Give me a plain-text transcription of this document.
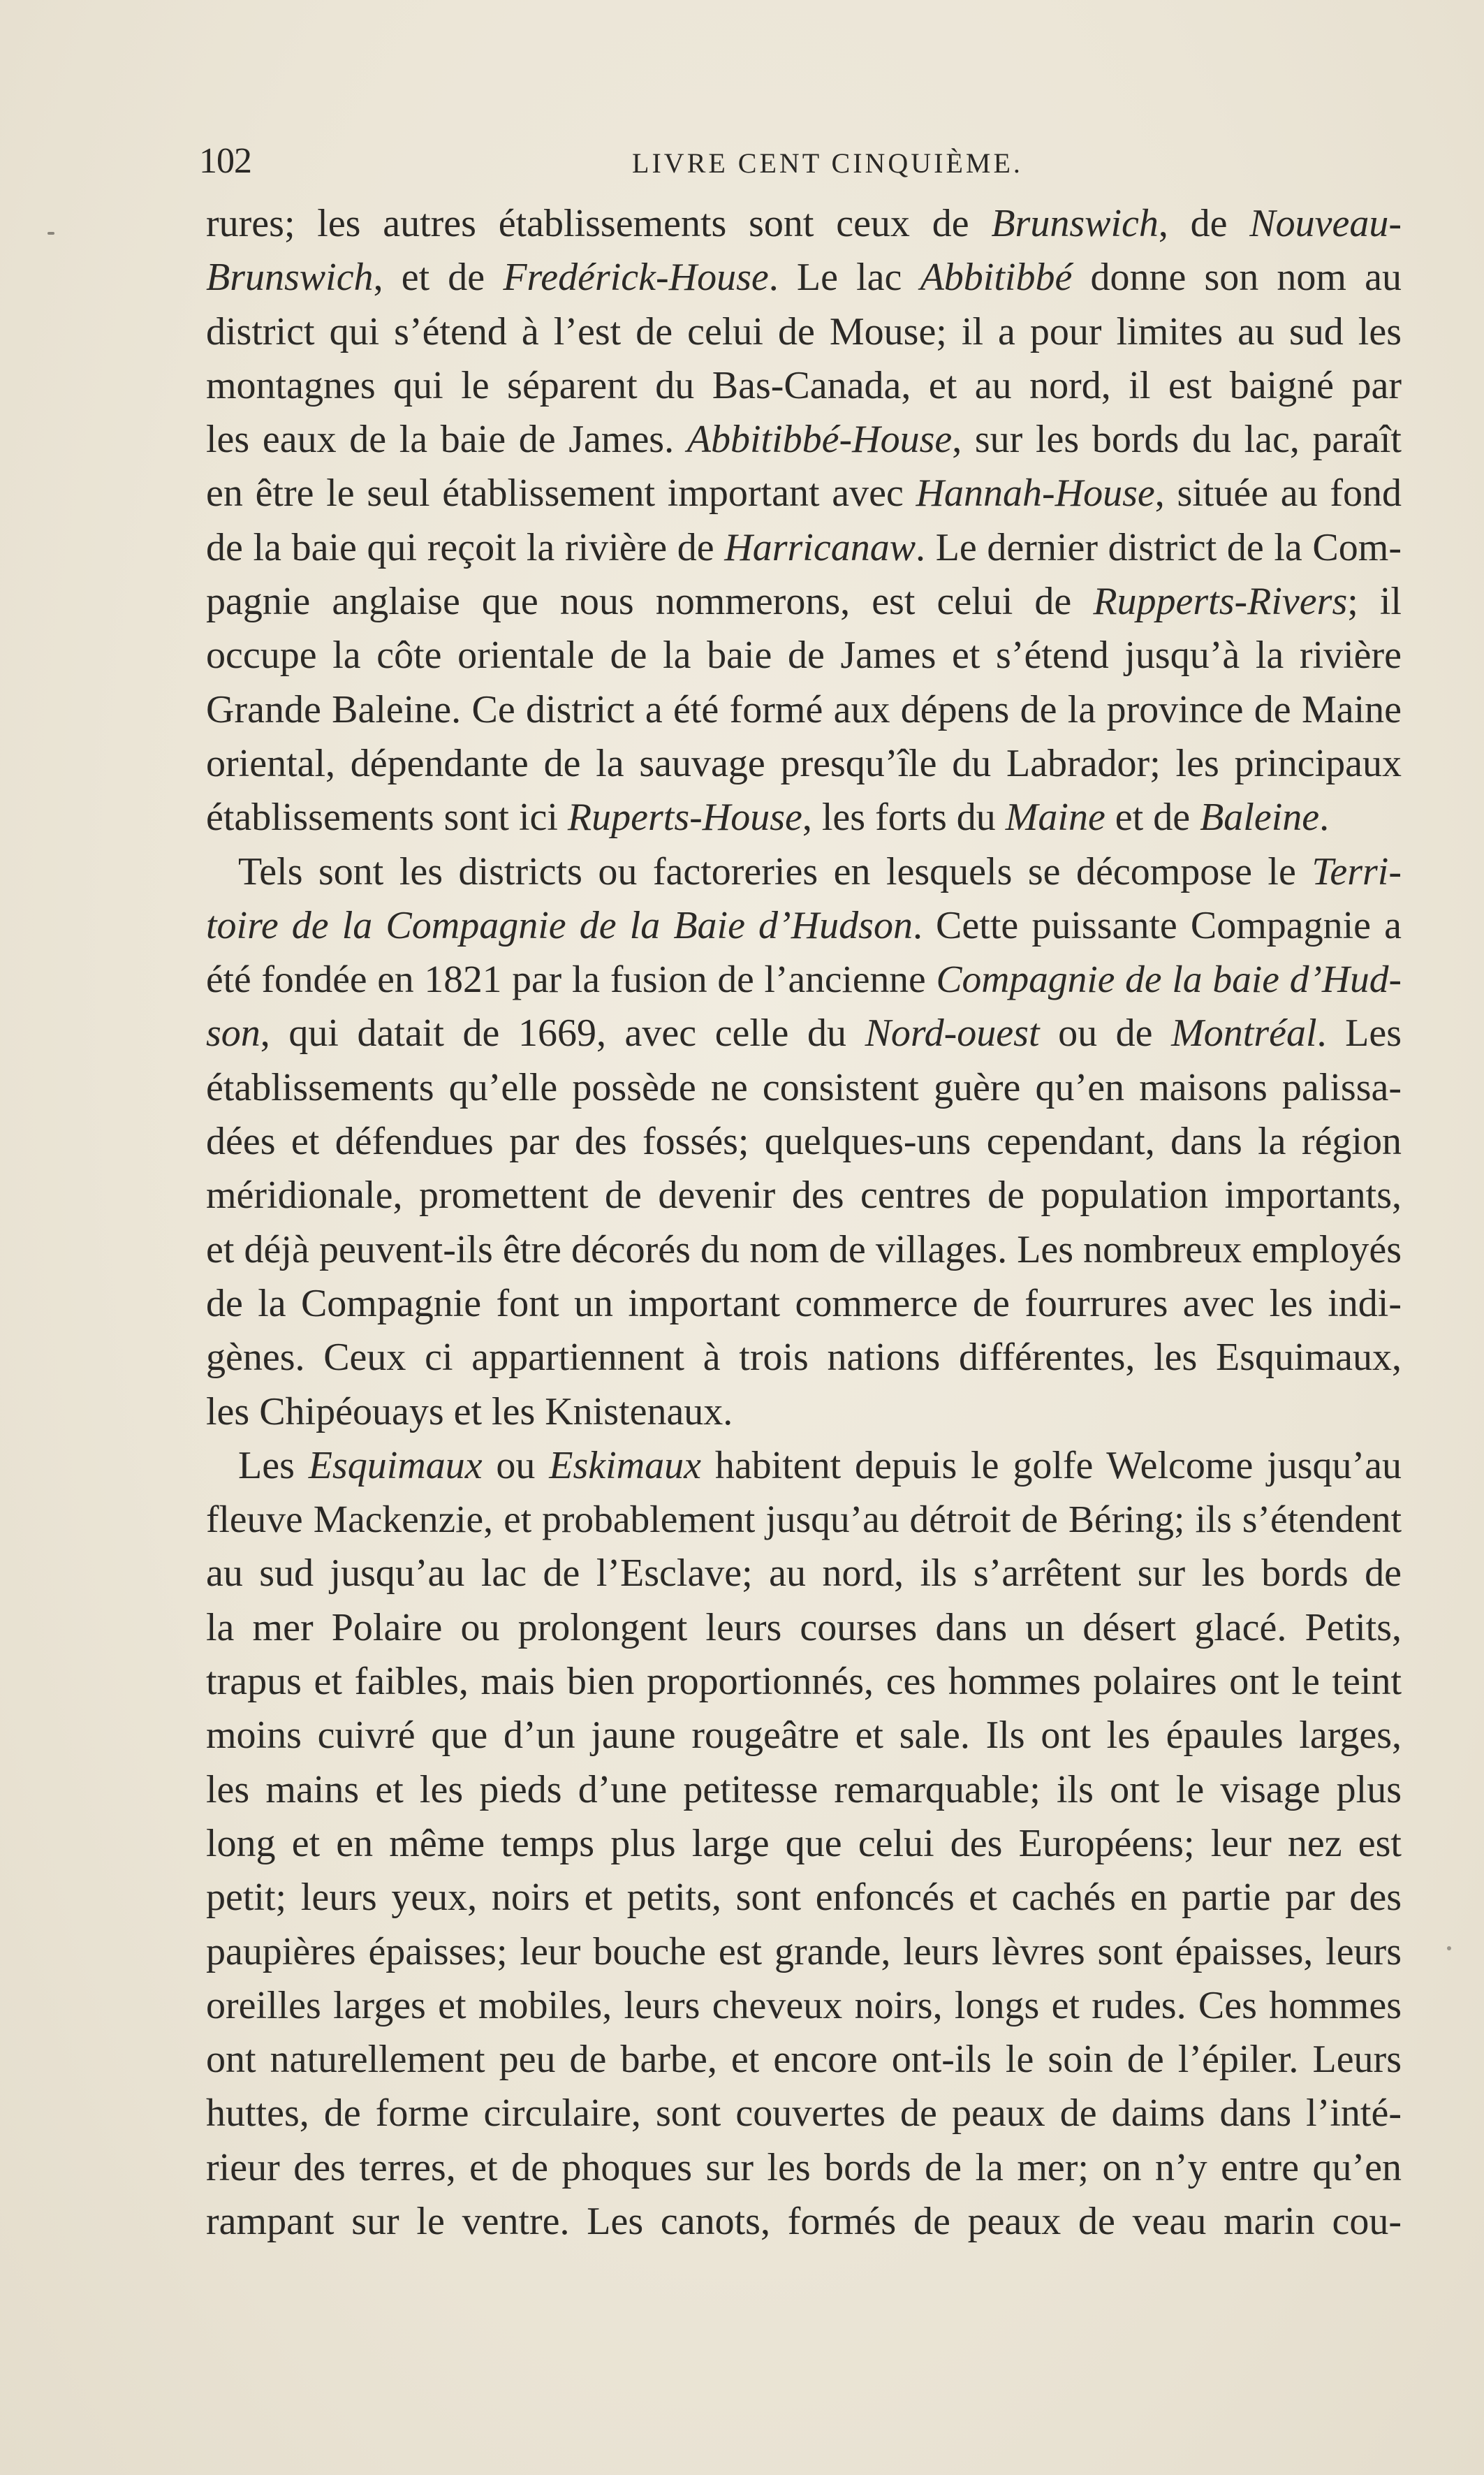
102	LIVRE CENT CINQUIÈME.
rures; les autres établissements sont ceux de Brunswich, de Nouveau-
Brunswich, et de Fredérick-House. Le lac Abbitibbé donne son nom au
district qui s’étend à l’est de celui de Mouse; il a pour limites au sud les
montagnes qui le séparent du Bas-Canada, et au nord, il est baigné par
les eaux de la baie de James. Abbitibbé-House, sur les bords du lac, paraît
en être le seul établissement important avec Hannah-House, située au fond
de la baie qui reçoit la rivière de Harricanaw. Le dernier district de la Com-
pagnie anglaise que nous nommerons, est celui de Rupperts-Rivers; il
occupe la côte orientale de la baie de James et s’étend jusqu’à la rivière
Grande Baleine. Ce district a été formé aux dépens de la province de Maine
oriental, dépendante de la sauvage presqu’île du Labrador; les principaux
établissements sont ici Ruperts-House, les forts du Maine et de Baleine.
Tels sont les districts ou factoreries en lesquels se décompose le Terri-
toire de la Compagnie de la Baie d’Hudson. Cette puissante Compagnie a
été fondée en 1821 par la fusion de l’ancienne Compagnie de la baie d’Hud-
son, qui datait de 1669, avec celle du Nord-ouest ou de Montréal. Les
établissements qu’elle possède ne consistent guère qu’en maisons palissa-
dées et défendues par des fossés; quelques-uns cependant, dans la région
méridionale, promettent de devenir des centres de population importants,
et déjà peuvent-ils être décorés du nom de villages. Les nombreux employés
de la Compagnie font un important commerce de fourrures avec les indi-
gènes. Ceux ci appartiennent à trois nations différentes, les Esquimaux,
les Chipéouays et les Knistenaux.
Les Esquimaux ou Eskimaux habitent depuis le golfe Welcome jusqu’au
fleuve Mackenzie, et probablement jusqu’au détroit de Béring; ils s’étendent
au sud jusqu’au lac de l’Esclave; au nord, ils s’arrêtent sur les bords de
la mer Polaire ou prolongent leurs courses dans un désert glacé. Petits,
trapus et faibles, mais bien proportionnés, ces hommes polaires ont le teint
moins cuivré que d’un jaune rougeâtre et sale. Ils ont les épaules larges,
les mains et les pieds d’une petitesse remarquable; ils ont le visage plus
long et en même temps plus large que celui des Européens; leur nez est
petit; leurs yeux, noirs et petits, sont enfoncés et cachés en partie par des
paupières épaisses; leur bouche est grande, leurs lèvres sont épaisses, leurs
oreilles larges et mobiles, leurs cheveux noirs, longs et rudes. Ces hommes
ont naturellement peu de barbe, et encore ont-ils le soin de l’épiler. Leurs
huttes, de forme circulaire, sont couvertes de peaux de daims dans l’inté-
rieur des terres, et de phoques sur les bords de la mer; on n’y entre qu’en
rampant sur le ventre. Les canots, formés de peaux de veau marin cou-
